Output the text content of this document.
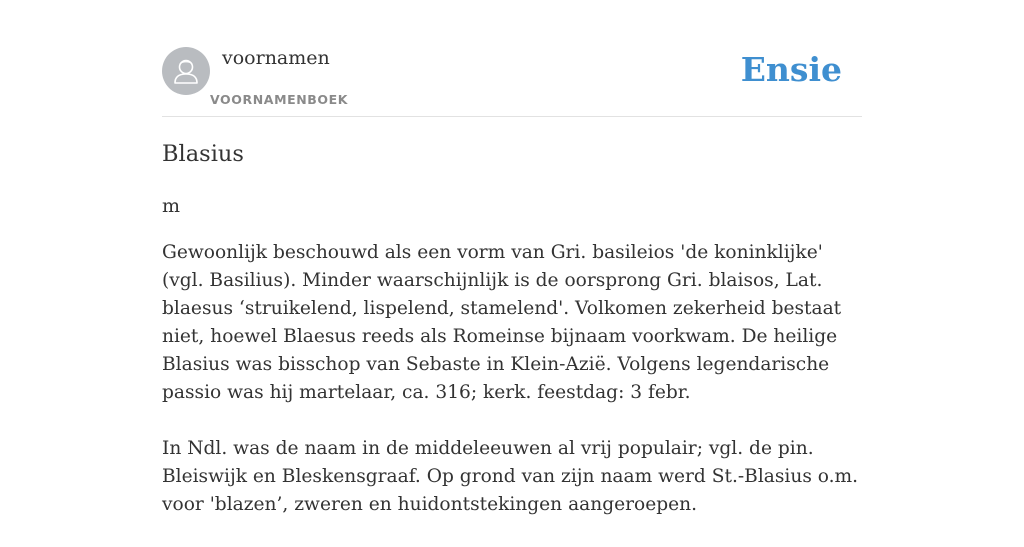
voornamen
VOORNAMENBOEK
Ensie
Blasius
m

Gewoonlijk beschouwd als een vorm van Gri. basileios 'de koninklijke' (vgl. Basilius). Minder waarschijnlijk is de oorsprong Gri. blaisos, Lat. blaesus ‘struikelend, lispelend, stamelend'. Volkomen zekerheid bestaat niet, hoewel Blaesus reeds als Romeinse bijnaam voorkwam. De heilige Blasius was bisschop van Sebaste in Klein-Azië. Volgens legendarische passio was hij martelaar, ca. 316; kerk. feestdag: 3 febr.

In Ndl. was de naam in de middeleeuwen al vrij populair; vgl. de pin. Bleiswijk en Bleskensgraaf. Op grond van zijn naam werd St.-Blasius o.m. voor 'blazen’, zweren en huidontstekingen aangeroepen.
